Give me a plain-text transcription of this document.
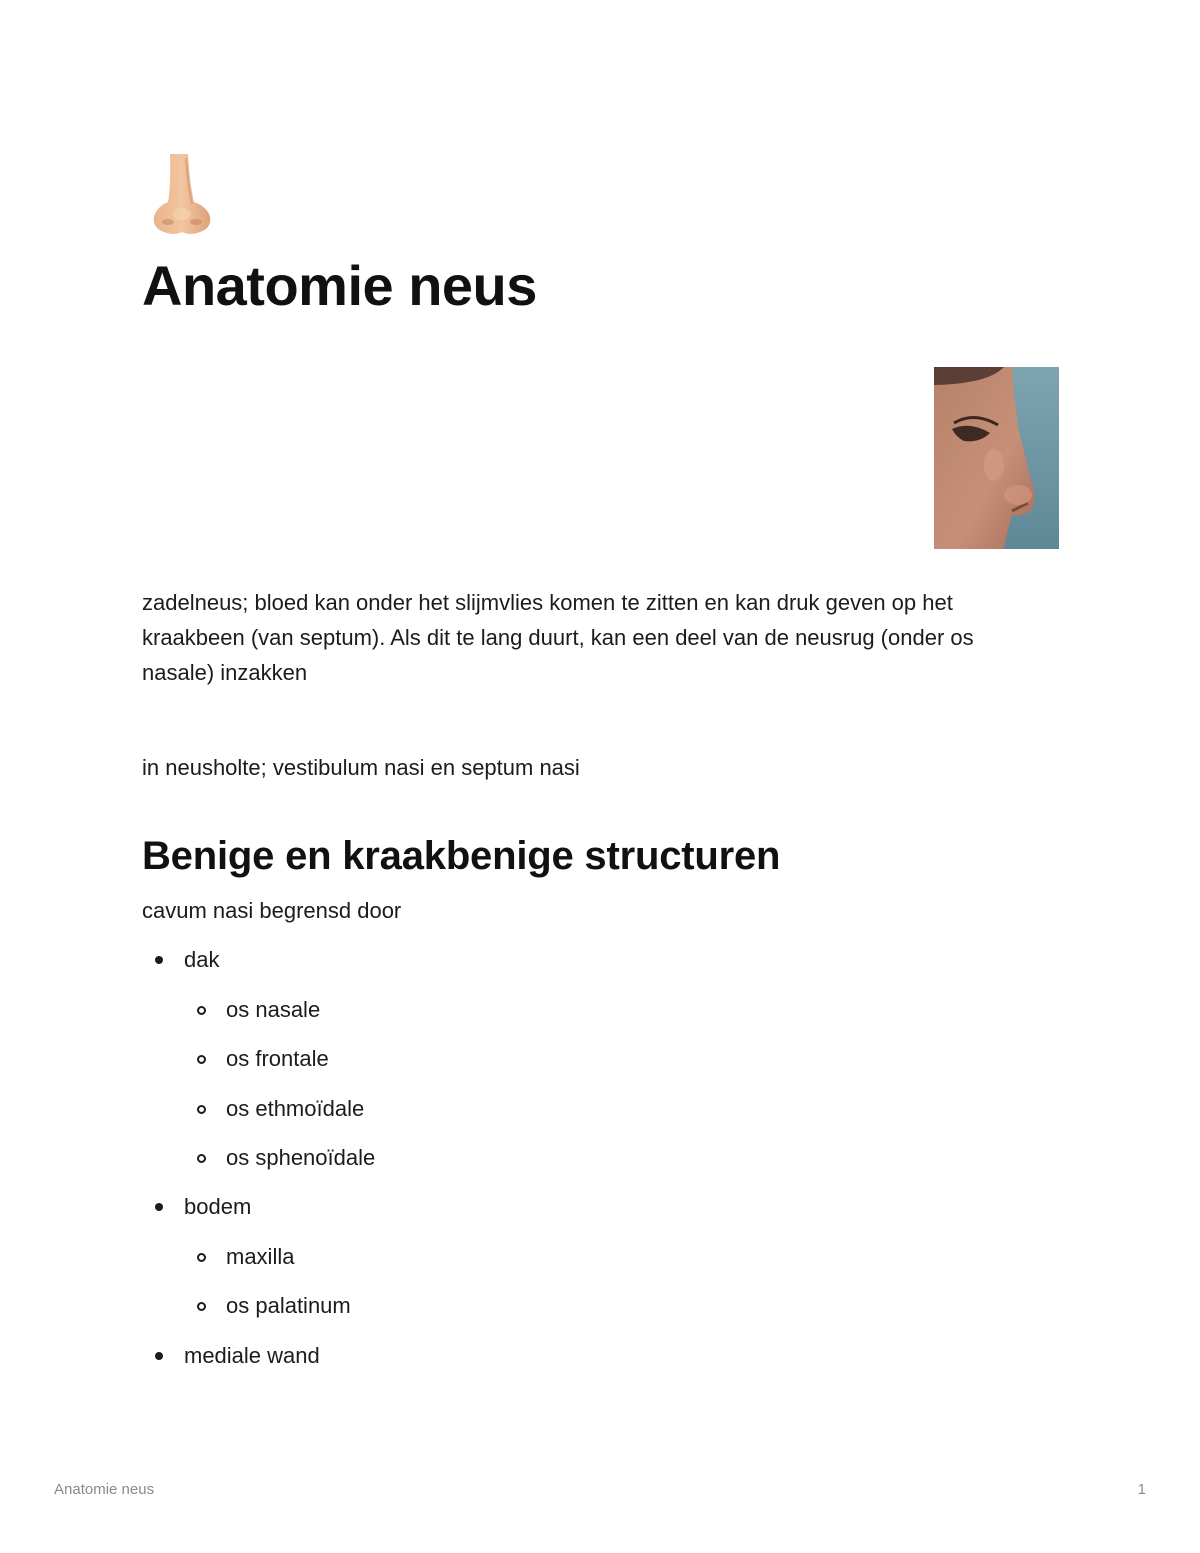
Anatomie neus

zadelneus; bloed kan onder het slijmvlies komen te zitten en kan druk geven op het kraakbeen (van septum). Als dit te lang duurt, kan een deel van de neusrug (onder os nasale) inzakken

in neusholte; vestibulum nasi en septum nasi

Benige en kraakbenige structuren

cavum nasi begrensd door

dak
os nasale
os frontale
os ethmoïdale
os sphenoïdale
bodem
maxilla
os palatinum
mediale wand
Anatomie neus	1
